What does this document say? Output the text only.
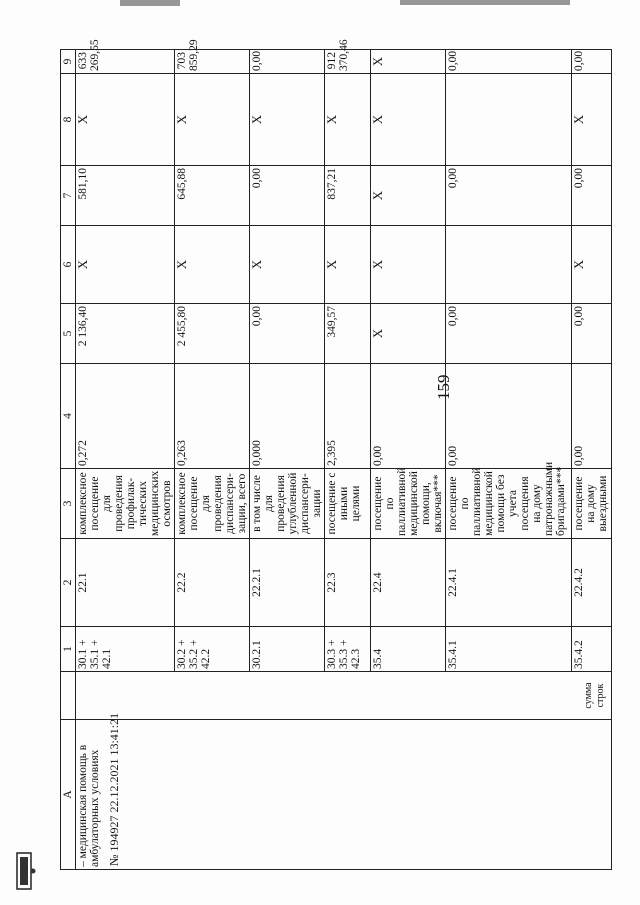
159
A		1	2	3	4	5	6	7	8	9	
– медицинская помощь в амбулаторных условиях	сумма строк	30.1 + 35.1 + 42.1	22.1	комплексное посещение для проведения профилак-тических медицинских осмотров	0,272	2 136,40	X	581,10	X	633 269,55	
		30.2 + 35.2 + 42.2	22.2	комплексное посещение для проведения диспансери-зации, всего	0,263	2 455,80	X	645,88	X	703 859,29	
		30.2.1	22.2.1	в том числе для проведения углубленной диспансери-зации	0,000	0,00	X	0,00	X	0,00	
		30.3 + 35.3 + 42.3	22.3	посещение с иными целями	2,395	349,57	X	837,21	X	912 370,46	
		35.4	22.4	посещение по паллиативной медицинской помощи, включая***	0,00	X	X	X	X	X	
		35.4.1	22.4.1	посещение по паллиативной медицинской помощи без учета посещения на дому патронажными бригадами***	0,00	0,00		0,00		0,00	
		35.4.2	22.4.2	посещение на дому выездными	0,00	0,00	X	0,00	X	0,00	
№ 194927 22.12.2021 13:41:21
